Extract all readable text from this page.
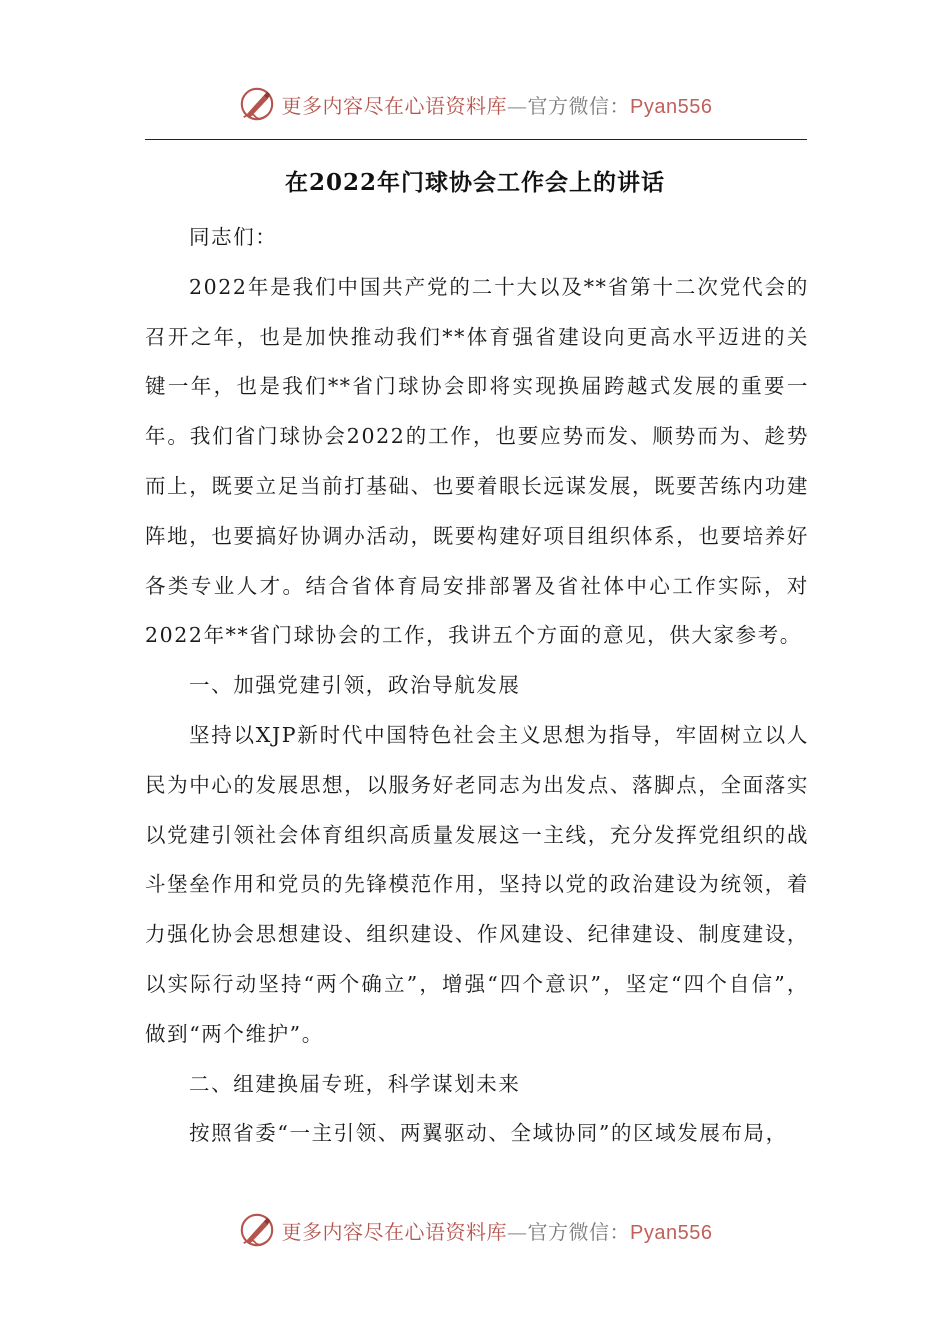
更多内容尽在心语资料库—官方微信：Pyan556
在2022年门球协会工作会上的讲话

同志们：

2022年是我们中国共产党的二十大以及**省第十二次党代会的召开之年，也是加快推动我们**体育强省建设向更高水平迈进的关键一年，也是我们**省门球协会即将实现换届跨越式发展的重要一年。我们省门球协会2022的工作，也要应势而发、顺势而为、趁势而上，既要立足当前打基础、也要着眼长远谋发展，既要苦练内功建阵地，也要搞好协调办活动，既要构建好项目组织体系，也要培养好各类专业人才。结合省体育局安排部署及省社体中心工作实际，对2022年**省门球协会的工作，我讲五个方面的意见，供大家参考。

一、加强党建引领，政治导航发展

坚持以XJP新时代中国特色社会主义思想为指导，牢固树立以人民为中心的发展思想，以服务好老同志为出发点、落脚点，全面落实以党建引领社会体育组织高质量发展这一主线，充分发挥党组织的战斗堡垒作用和党员的先锋模范作用，坚持以党的政治建设为统领，着力强化协会思想建设、组织建设、作风建设、纪律建设、制度建设，以实际行动坚持“两个确立”，增强“四个意识”，坚定“四个自信”，做到“两个维护”。

二、组建换届专班，科学谋划未来

按照省委“一主引领、两翼驱动、全域协同”的区域发展布局，

更多内容尽在心语资料库—官方微信：Pyan556
